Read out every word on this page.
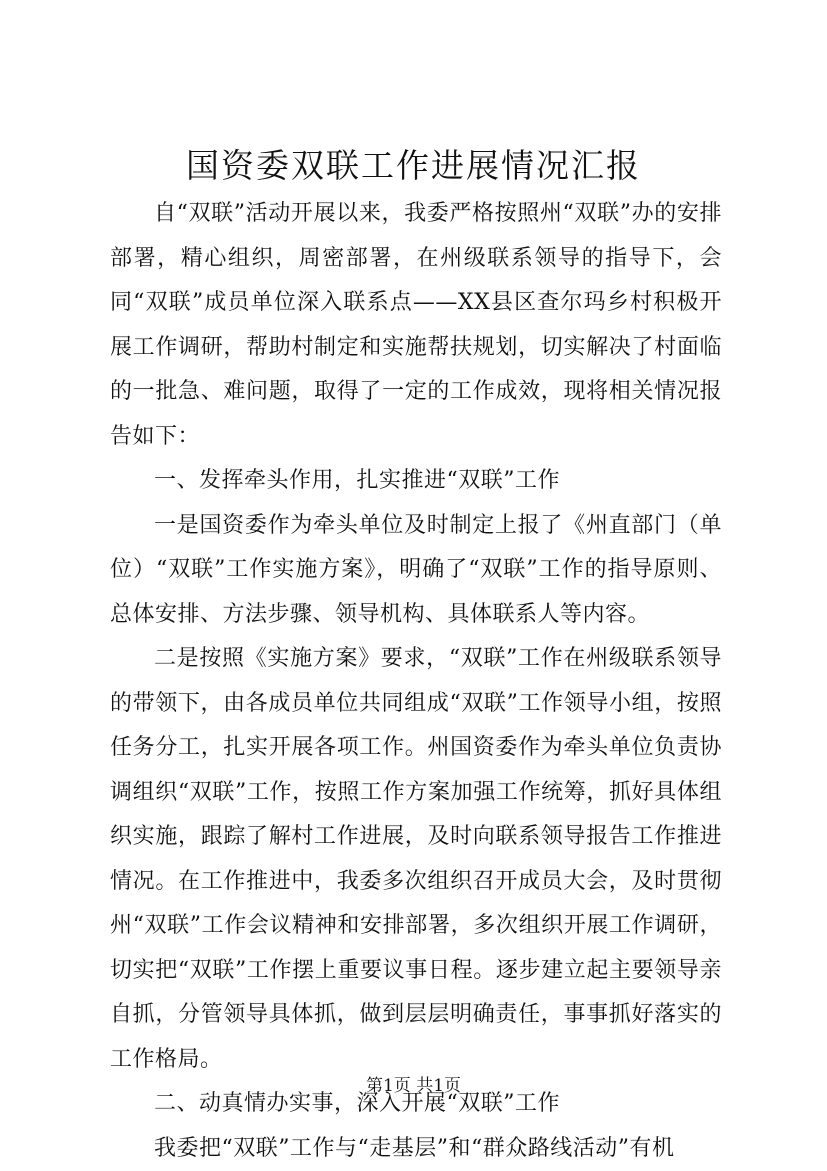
国资委双联工作进展情况汇报

自“双联”活动开展以来，我委严格按照州“双联”办的安排部署，精心组织，周密部署，在州级联系领导的指导下，会同“双联”成员单位深入联系点——XX县区查尔玛乡村积极开展工作调研，帮助村制定和实施帮扶规划，切实解决了村面临的一批急、难问题，取得了一定的工作成效，现将相关情况报告如下：

一、发挥牵头作用，扎实推进“双联”工作

一是国资委作为牵头单位及时制定上报了《州直部门（单位）“双联”工作实施方案》，明确了“双联”工作的指导原则、总体安排、方法步骤、领导机构、具体联系人等内容。

二是按照《实施方案》要求，“双联”工作在州级联系领导的带领下，由各成员单位共同组成“双联”工作领导小组，按照任务分工，扎实开展各项工作。州国资委作为牵头单位负责协调组织“双联”工作，按照工作方案加强工作统筹，抓好具体组织实施，跟踪了解村工作进展，及时向联系领导报告工作推进情况。在工作推进中，我委多次组织召开成员大会，及时贯彻州“双联”工作会议精神和安排部署，多次组织开展工作调研，切实把“双联”工作摆上重要议事日程。逐步建立起主要领导亲自抓，分管领导具体抓，做到层层明确责任，事事抓好落实的工作格局。

二、动真情办实事，深入开展“双联”工作

我委把“双联”工作与“走基层”和“群众路线活动”有机

第1页 共1页
